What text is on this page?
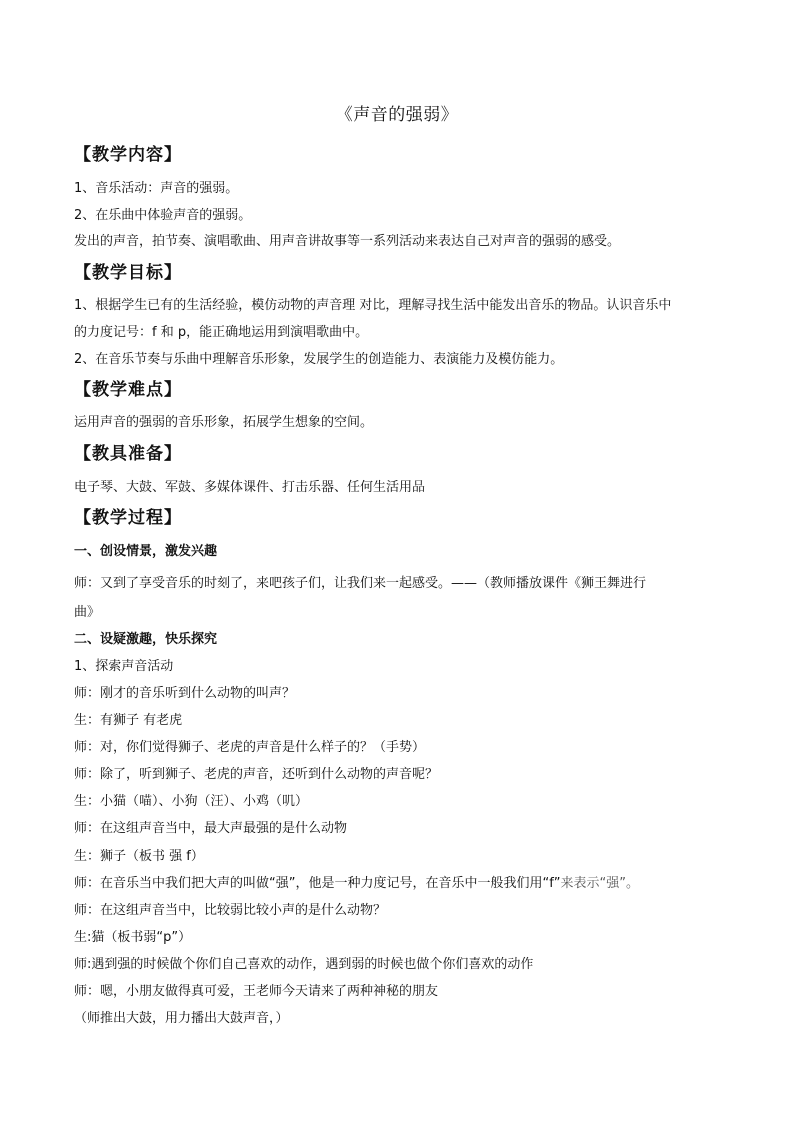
《声音的强弱》
【教学内容】
1、音乐活动：声音的强弱。
2、在乐曲中体验声音的强弱。
发出的声音，拍节奏、演唱歌曲、用声音讲故事等一系列活动来表达自己对声音的强弱的感受。
【教学目标】
1、根据学生已有的生活经验，模仿动物的声音理 对比，理解寻找生活中能发出音乐的物品。认识音乐中
的力度记号：f 和 p，能正确地运用到演唱歌曲中。
2、在音乐节奏与乐曲中理解音乐形象，发展学生的创造能力、表演能力及模仿能力。
【教学难点】
运用声音的强弱的音乐形象，拓展学生想象的空间。
【教具准备】
电子琴、大鼓、军鼓、多媒体课件、打击乐器、任何生活用品
【教学过程】
一、创设情景，激发兴趣
师：又到了享受音乐的时刻了，来吧孩子们，让我们来一起感受。——（教师播放课件《狮王舞进行
曲》
二、设疑激趣，快乐探究
1、探索声音活动
师：刚才的音乐听到什么动物的叫声？
生：有狮子 有老虎
师：对，你们觉得狮子、老虎的声音是什么样子的？（手势）
师：除了，听到狮子、老虎的声音，还听到什么动物的声音呢？
生：小猫（喵）、小狗（汪）、小鸡（叽）
师：在这组声音当中，最大声最强的是什么动物
生：狮子（板书 强 f）
师：在音乐当中我们把大声的叫做“强”，他是一种力度记号，在音乐中一般我们用“f”来表示“强”。
师：在这组声音当中，比较弱比较小声的是什么动物？
生:猫（板书弱“p”）
师:遇到强的时候做个你们自己喜欢的动作，遇到弱的时候也做个你们喜欢的动作
师：嗯，小朋友做得真可爱，王老师今天请来了两种神秘的朋友
（师推出大鼓，用力播出大鼓声音，）
